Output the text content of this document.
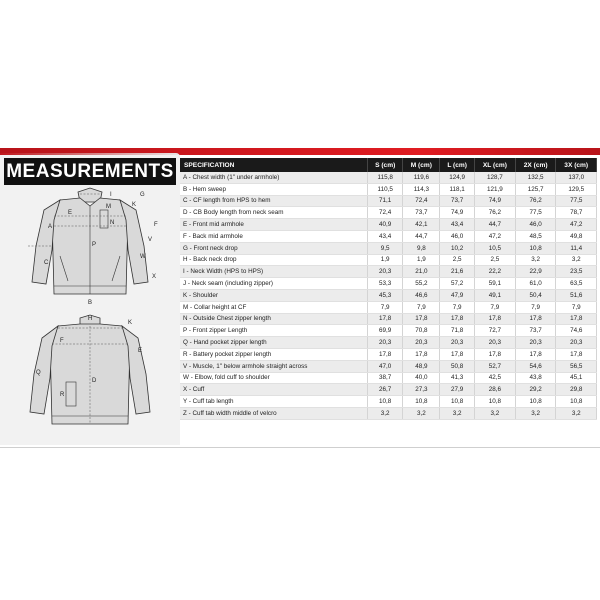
MEASUREMENTS
G
A
E
K
I
M
N	F
P
V
W
X
B
C
H
K
D
Q
F
R
E
SPECIFICATION	S (cm)	M (cm)	L (cm)	XL (cm)	2X (cm)	3X (cm)
A - Chest width (1" under armhole)	115,8	119,6	124,9	128,7	132,5	137,0
B - Hem sweep	110,5	114,3	118,1	121,9	125,7	129,5
C - CF length from HPS to hem	71,1	72,4	73,7	74,9	76,2	77,5
D - CB Body length from neck seam	72,4	73,7	74,9	76,2	77,5	78,7
E - Front mid armhole	40,9	42,1	43,4	44,7	46,0	47,2
F - Back mid armhole	43,4	44,7	46,0	47,2	48,5	49,8
G - Front neck drop	9,5	9,8	10,2	10,5	10,8	11,4
H - Back neck drop	1,9	1,9	2,5	2,5	3,2	3,2
I - Neck Width (HPS to HPS)	20,3	21,0	21,6	22,2	22,9	23,5
J - Neck seam (including zipper)	53,3	55,2	57,2	59,1	61,0	63,5
K - Shoulder	45,3	46,6	47,9	49,1	50,4	51,6
M - Collar height at CF	7,9	7,9	7,9	7,9	7,9	7,9
N - Outside Chest zipper length	17,8	17,8	17,8	17,8	17,8	17,8
P - Front zipper Length	69,9	70,8	71,8	72,7	73,7	74,6
Q - Hand pocket zipper length	20,3	20,3	20,3	20,3	20,3	20,3
R - Battery pocket zipper length	17,8	17,8	17,8	17,8	17,8	17,8
V - Muscle, 1" below armhole straight across	47,0	48,9	50,8	52,7	54,6	56,5
W - Elbow, fold cuff to shoulder	38,7	40,0	41,3	42,5	43,8	45,1
X - Cuff	26,7	27,3	27,9	28,6	29,2	29,8
Y - Cuff tab length	10,8	10,8	10,8	10,8	10,8	10,8
Z - Cuff tab width middle of velcro	3,2	3,2	3,2	3,2	3,2	3,2
